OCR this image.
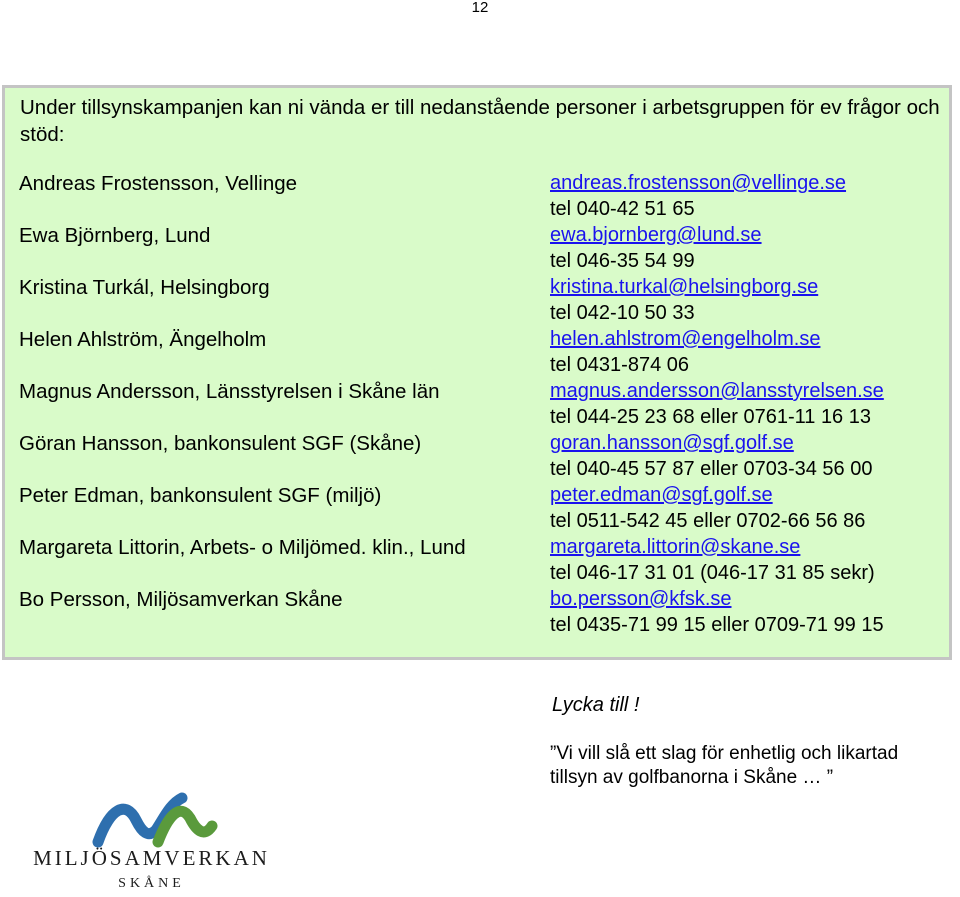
12
Under tillsynskampanjen kan ni vända er till nedanstående personer i arbetsgruppen för ev frågor och stöd:
Andreas Frostensson, Vellinge	andreas.frostensson@vellinge.se
tel 040-42 51 65
Ewa Björnberg, Lund	ewa.bjornberg@lund.se
tel 046-35 54 99
Kristina Turkál, Helsingborg	kristina.turkal@helsingborg.se
tel 042-10 50 33
Helen Ahlström, Ängelholm	helen.ahlstrom@engelholm.se
tel 0431-874 06
Magnus Andersson, Länsstyrelsen i Skåne län	magnus.andersson@lansstyrelsen.se
tel 044-25 23 68 eller 0761-11 16 13
Göran Hansson, bankonsulent SGF (Skåne)	goran.hansson@sgf.golf.se
tel 040-45 57 87 eller 0703-34 56 00
Peter Edman, bankonsulent SGF (miljö)	peter.edman@sgf.golf.se
tel 0511-542 45 eller 0702-66 56 86
Margareta Littorin, Arbets- o Miljömed. klin., Lund	margareta.littorin@skane.se
tel 046-17 31 01 (046-17 31 85 sekr)
Bo Persson, Miljösamverkan Skåne	bo.persson@kfsk.se
tel 0435-71 99 15 eller 0709-71 99 15
Lycka till !
”Vi vill slå ett slag för enhetlig och likartad tillsyn av golfbanorna i Skåne … ”
MILJÖSAMVERKAN
SKÅNE
